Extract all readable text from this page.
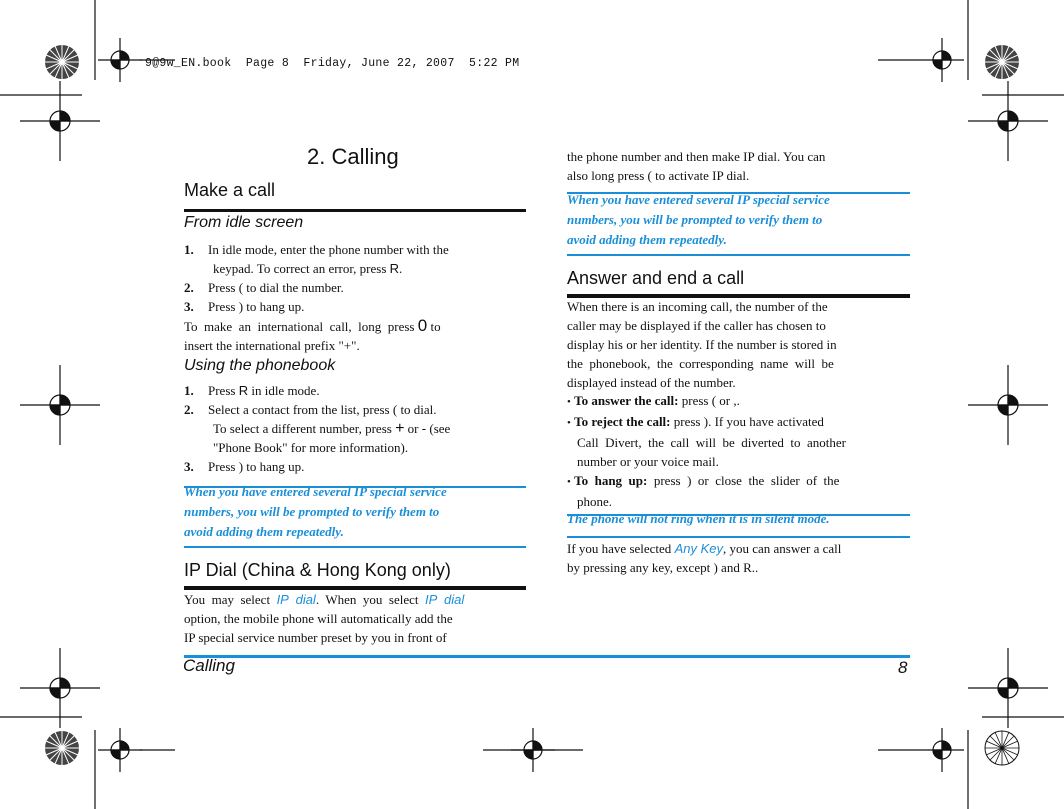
9@9w_EN.book  Page 8  Friday, June 22, 2007  5:22 PM
2. Calling
Make a call
From idle screen
1. In idle mode, enter the phone number with the
keypad. To correct an error, press R.
2. Press ( to dial the number.
3. Press ) to hang up.
To  make  an  international  call,  long  press 0 to
insert the international prefix "+".
Using the phonebook
1. Press R in idle mode.
2. Select a contact from the list, press ( to dial.
To select a different number, press + or - (see
"Phone Book" for more information).
3. Press ) to hang up.
When you have entered several IP special service
numbers, you will be prompted to verify them to
avoid adding them repeatedly.
IP Dial (China & Hong Kong only)
You  may  select IP  dial.  When  you  select IP  dial
option, the mobile phone will automatically add the
IP special service number preset by you in front of
the phone number and then make IP dial. You can
also long press ( to activate IP dial.
When you have entered several IP special service
numbers, you will be prompted to verify them to
avoid adding them repeatedly.
Answer and end a call
When there is an incoming call, the number of the
caller may be displayed if the caller has chosen to
display his or her identity. If the number is stored in
the  phonebook,  the  corresponding  name  will  be
displayed instead of the number.
• To answer the call: press ( or ,.
• To reject the call: press ). If you have activated
Call  Divert,  the  call  will  be  diverted  to  another
number or your voice mail.
• To  hang  up: press ) or  close  the  slider  of  the
phone.
The phone will not ring when it is in silent mode.
If you have selected Any Key, you can answer a call
by pressing any key, except ) and R..
Calling	8
